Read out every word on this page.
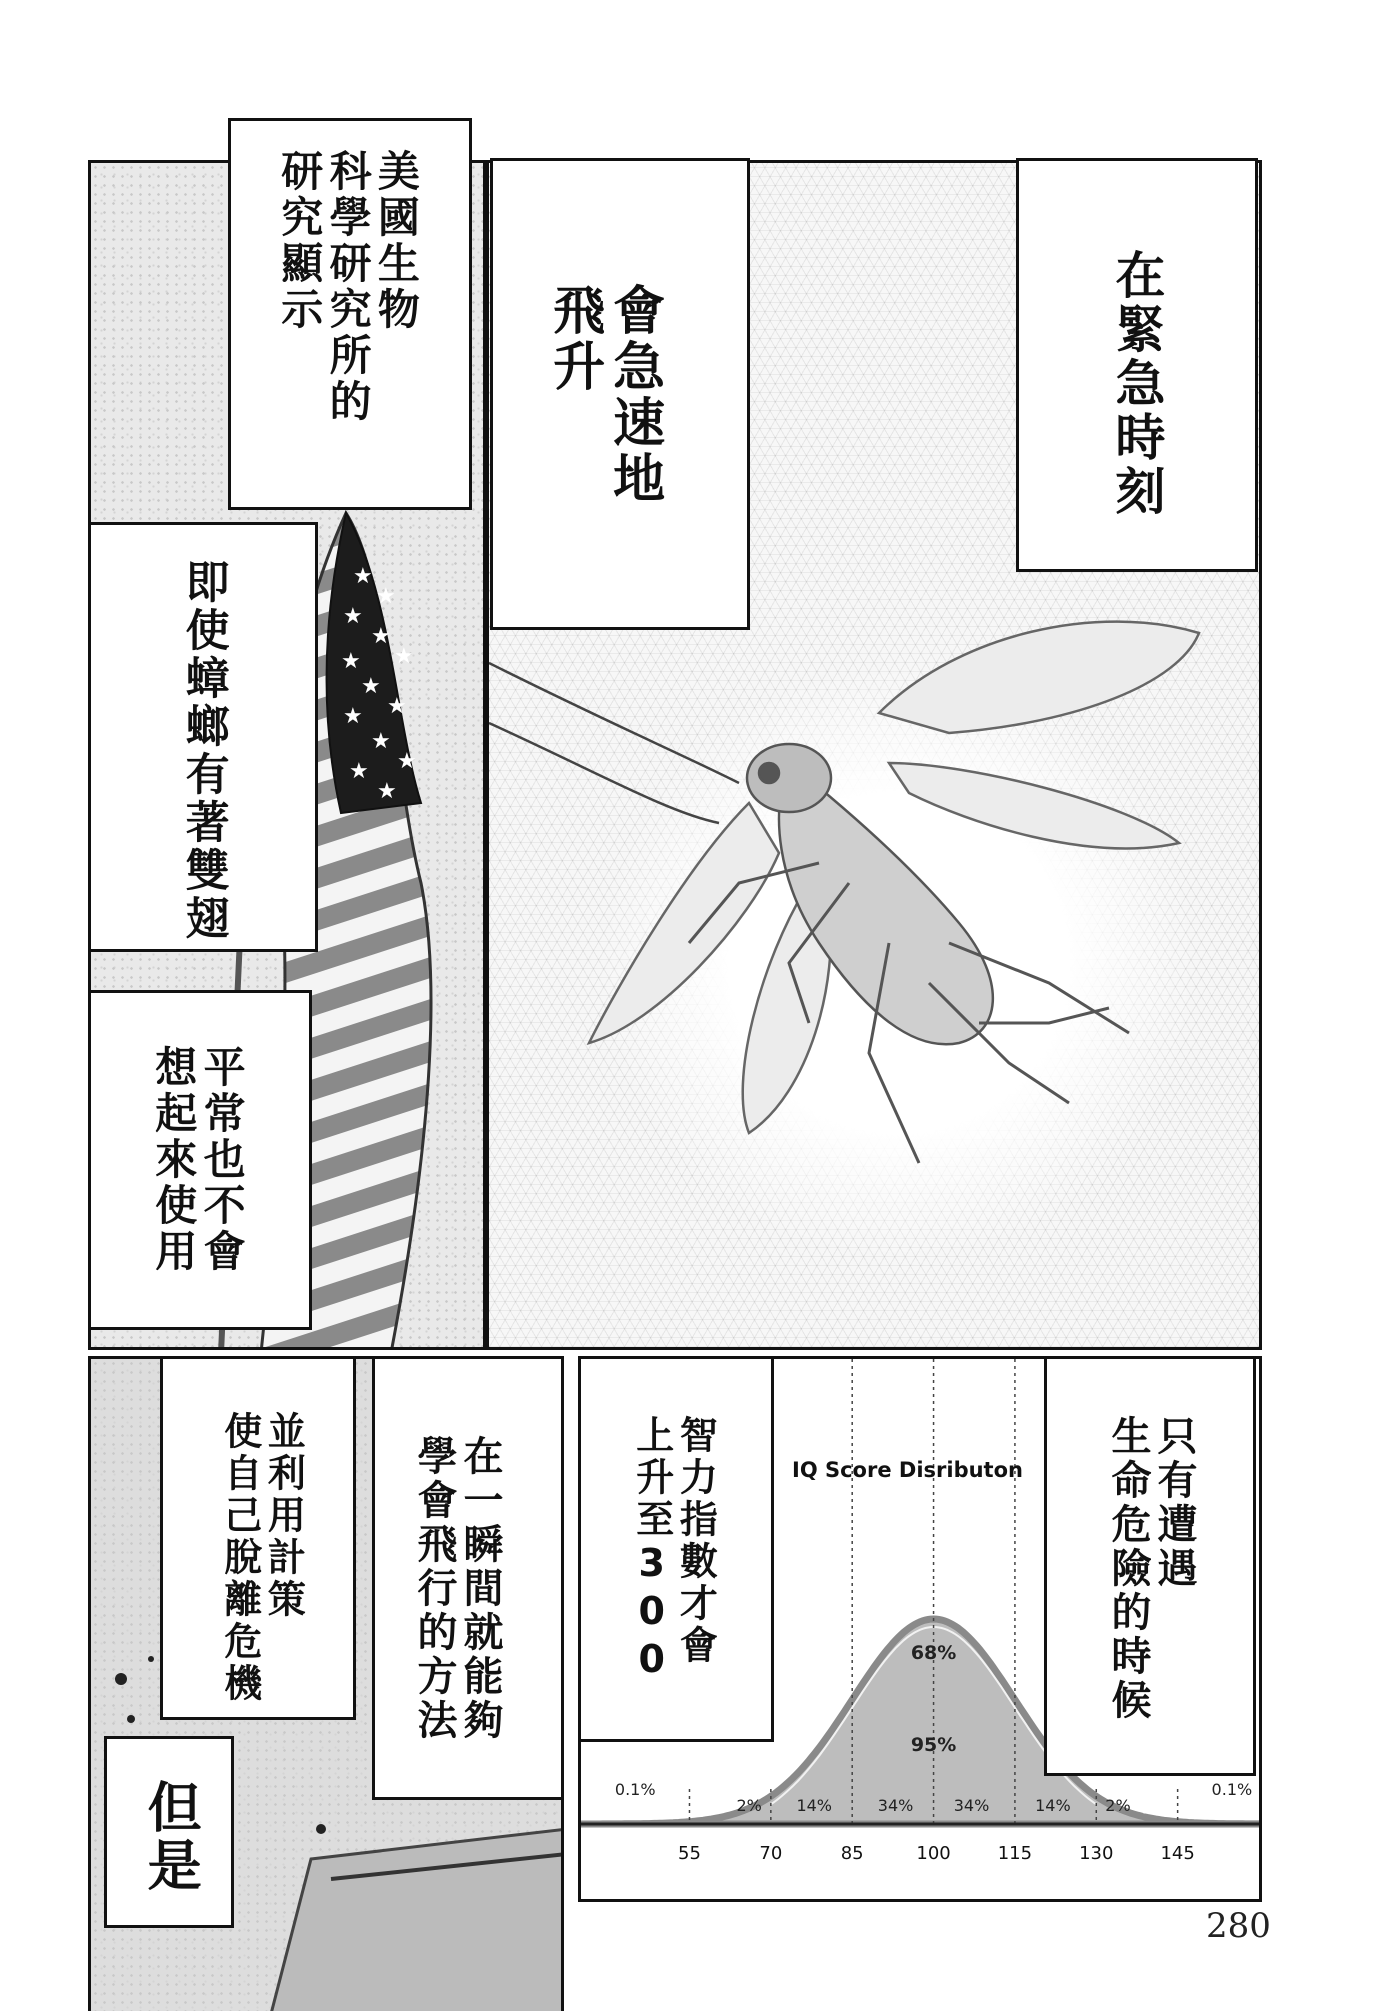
★
★
★
★
★
★
★
★
★
★
★
★
★
美國生物
科學研究所的
研究顯示
即使蟑螂有著雙翅
平常也不會
想起來使用
會急速地
飛升	在緊急時刻
並利用計策
使自己脫離危機	在一瞬間就能夠
學會飛行的方法
但是	55	70	85	100	115	130	145
0.1%
2% 14%	34%	34%	14% 2%
0.1%
68%
95%
IQ Score Disributon
智力指數才會
上升至300	只有遭遇
生命危險的時候
280
